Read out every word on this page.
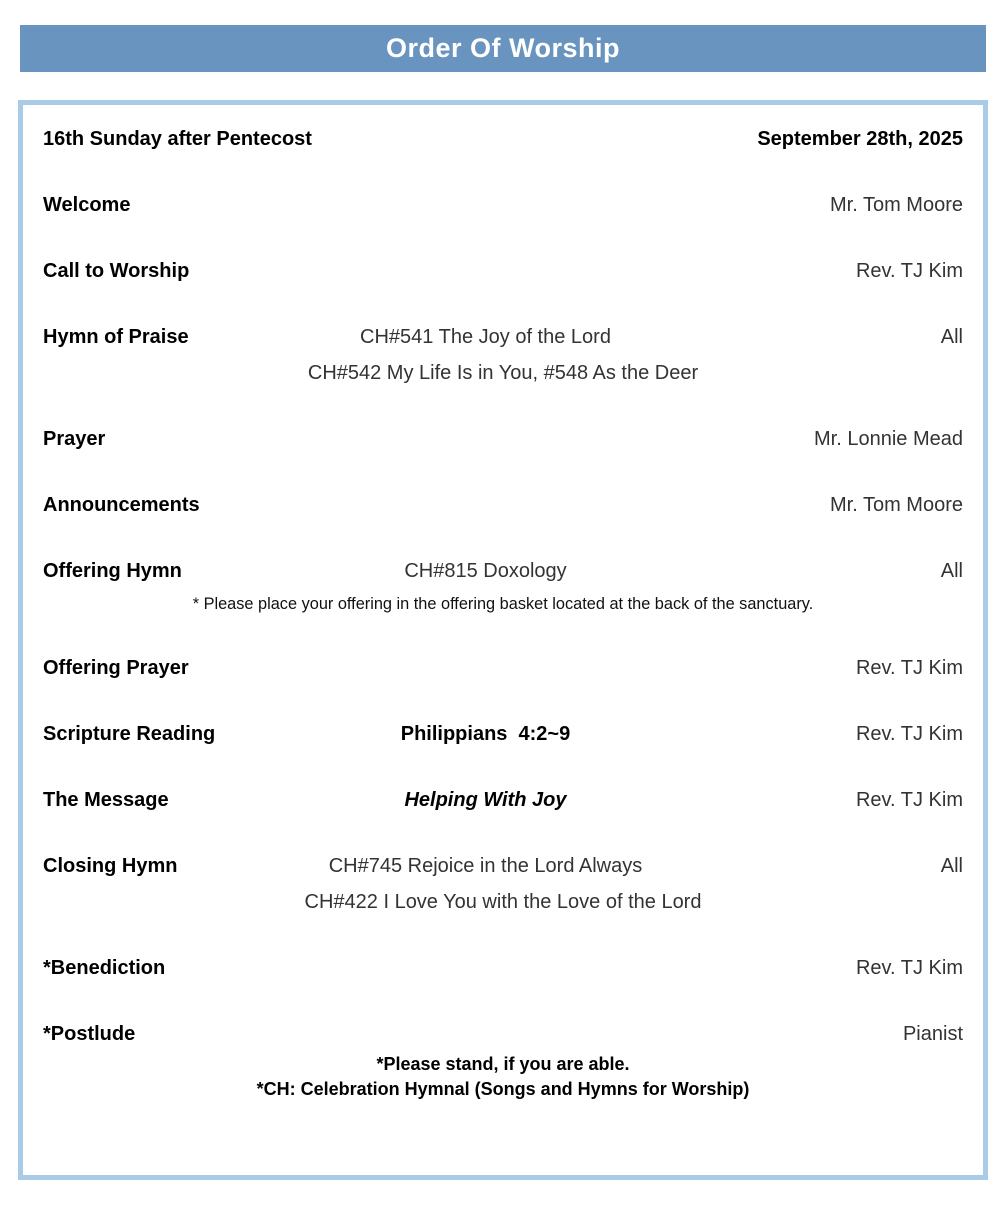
Order Of Worship
16th Sunday after Pentecost	September 28th, 2025
Welcome	Mr. Tom Moore
Call to Worship	Rev. TJ Kim
Hymn of Praise	CH#541 The Joy of the Lord	All
CH#542 My Life Is in You, #548 As the Deer
Prayer	Mr. Lonnie Mead
Announcements	Mr. Tom Moore
Offering Hymn	CH#815 Doxology	All
* Please place your offering in the offering basket located at the back of the sanctuary.
Offering Prayer	Rev. TJ Kim
Scripture Reading	Philippians  4:2~9	Rev. TJ Kim
The Message	Helping With Joy	Rev. TJ Kim
Closing Hymn	CH#745 Rejoice in the Lord Always	All
CH#422 I Love You with the Love of the Lord
*Benediction	Rev. TJ Kim
*Postlude	Pianist
*Please stand, if you are able.
*CH: Celebration Hymnal (Songs and Hymns for Worship)
